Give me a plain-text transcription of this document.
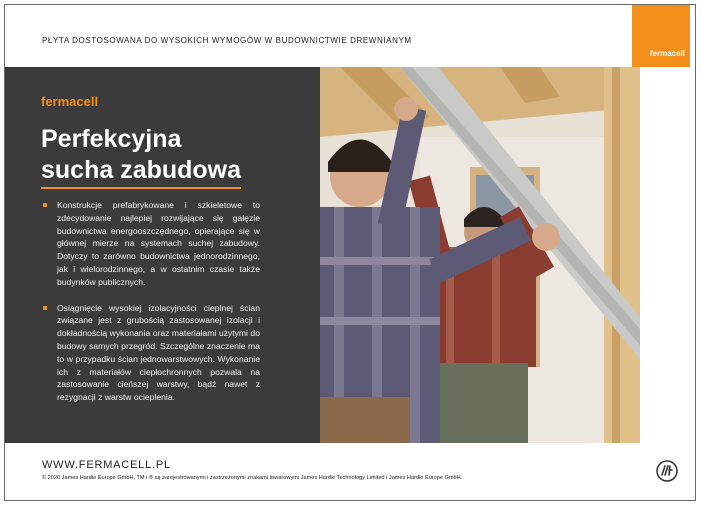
PŁYTA DOSTOSOWANA DO WYSOKICH WYMOGÓW W BUDOWNICTWIE DREWNIANYM
fermacell
fermacell
Perfekcyjna
sucha zabudowa
Konstrukcje prefabrykowane i szkieletowe to zdecydowanie najlepiej rozwijające się gałęzie budownictwa energooszczędnego, opierające się w głównej mierze na systemach suchej zabudowy. Dotyczy to zarówno budownictwa jednorodzinnego, jak i wielorodzinnego, a w ostatnim czasie także budynków publicznych.
Osiągnięcie wysokiej izolacyjności cieplnej ścian związane jest z grubością zastosowanej izolacji i dokładnością wykonania oraz materiałami użytymi do budowy samych przegród. Szczególne znaczenie ma to w przypadku ścian jednowarstwowych. Wykonanie ich z materiałów ciepłochronnych pozwala na zastosowanie cieńszej warstwy, bądź nawet z rezygnacji z warstw ocieplenia.
WWW.FERMACELL.PL
© 2020 James Hardie Europe GmbH, TM i ® są zarejestrowanymi i zastrzeżonymi znakami towarowymi James Hardie Technology Limited i James Hardie Europe GmbH.
